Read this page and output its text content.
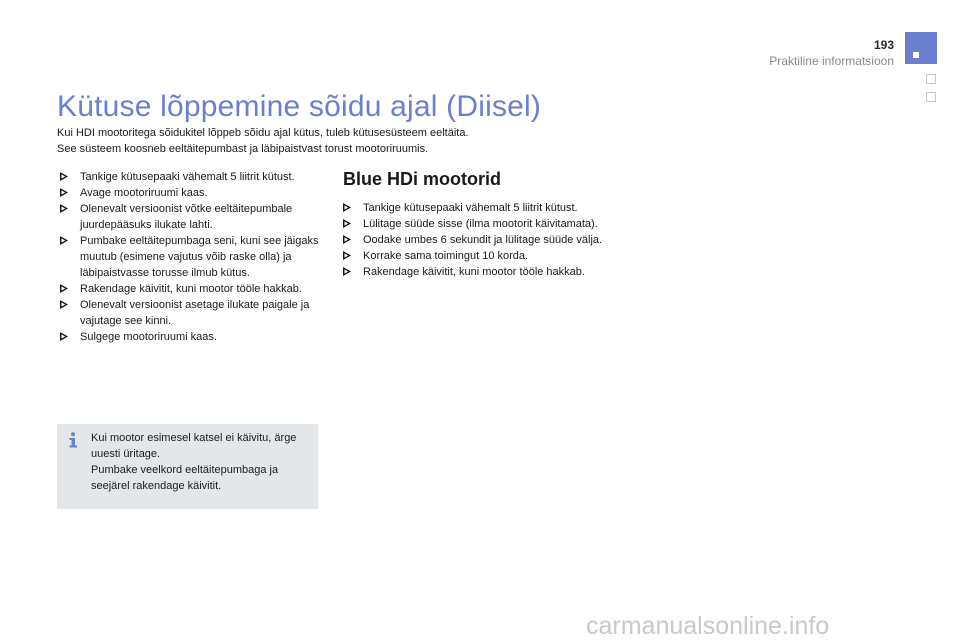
193
Praktiline informatsioon
Kütuse lõppemine sõidu ajal (Diisel)

Kui HDI mootoritega sõidukitel lõppeb sõidu ajal kütus, tuleb kütusesüsteem eeltäita.

See süsteem koosneb eeltäitepumbast ja läbipaistvast torust mootoriruumis.

Tankige kütusepaaki vähemalt 5 liitrit kütust.
Avage mootoriruumi kaas.
Olenevalt versioonist võtke eeltäitepumbale juurdepääsuks ilukate lahti.
Pumbake eeltäitepumbaga seni, kuni see jäigaks muutub (esimene vajutus võib raske olla) ja läbipaistvasse torusse ilmub kütus.
Rakendage käivitit, kuni mootor tööle hakkab.
Olenevalt versioonist asetage ilukate paigale ja vajutage see kinni.
Sulgege mootoriruumi kaas.

Kui mootor esimesel katsel ei käivitu, ärge uuesti üritage.

Pumbake veelkord eeltäitepumbaga ja seejärel rakendage käivitit.

Blue HDi mootorid
Tankige kütusepaaki vähemalt 5 liitrit kütust.
Lülitage süüde sisse (ilma mootorit käivitamata).
Oodake umbes 6 sekundit ja lülitage süüde välja.
Korrake sama toimingut 10 korda.
Rakendage käivitit, kuni mootor tööle hakkab.
carmanualsonline.info
